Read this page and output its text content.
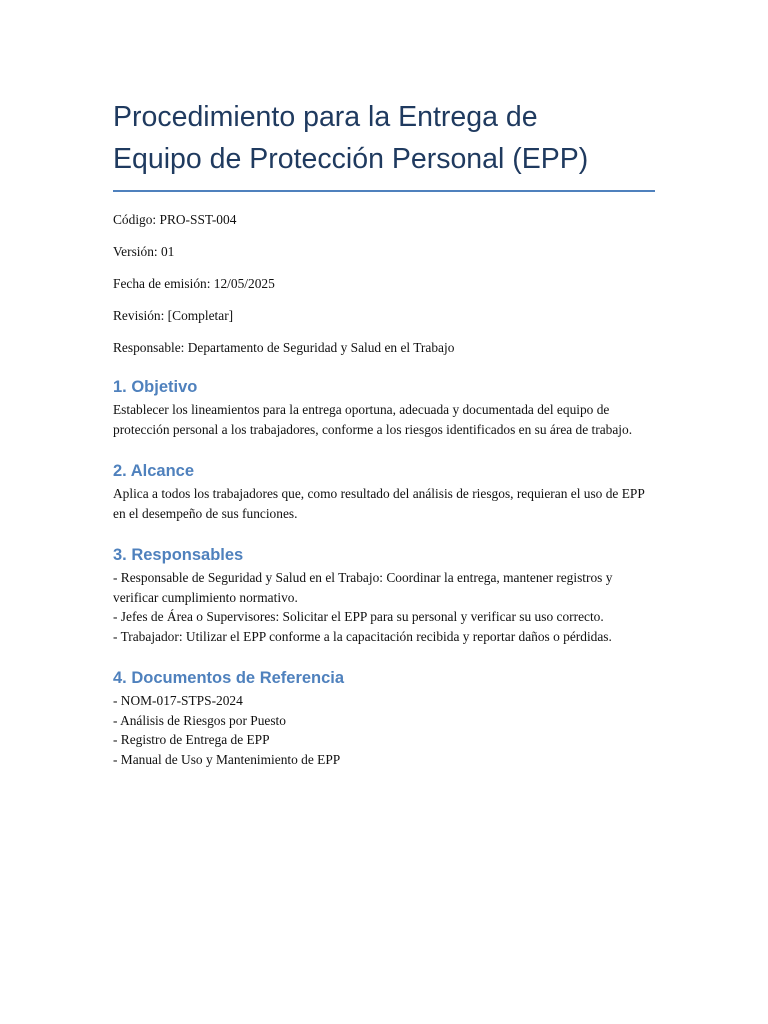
Procedimiento para la Entrega de
Equipo de Protección Personal (EPP)

Código: PRO-SST-004

Versión: 01

Fecha de emisión: 12/05/2025

Revisión: [Completar]

Responsable: Departamento de Seguridad y Salud en el Trabajo

1. Objetivo
Establecer los lineamientos para la entrega oportuna, adecuada y documentada del equipo de protección personal a los trabajadores, conforme a los riesgos identificados en su área de trabajo.
2. Alcance
Aplica a todos los trabajadores que, como resultado del análisis de riesgos, requieran el uso de EPP en el desempeño de sus funciones.
3. Responsables
- Responsable de Seguridad y Salud en el Trabajo: Coordinar la entrega, mantener registros y verificar cumplimiento normativo.
- Jefes de Área o Supervisores: Solicitar el EPP para su personal y verificar su uso correcto.
- Trabajador: Utilizar el EPP conforme a la capacitación recibida y reportar daños o pérdidas.
4. Documentos de Referencia
- NOM-017-STPS-2024
- Análisis de Riesgos por Puesto
- Registro de Entrega de EPP
- Manual de Uso y Mantenimiento de EPP
